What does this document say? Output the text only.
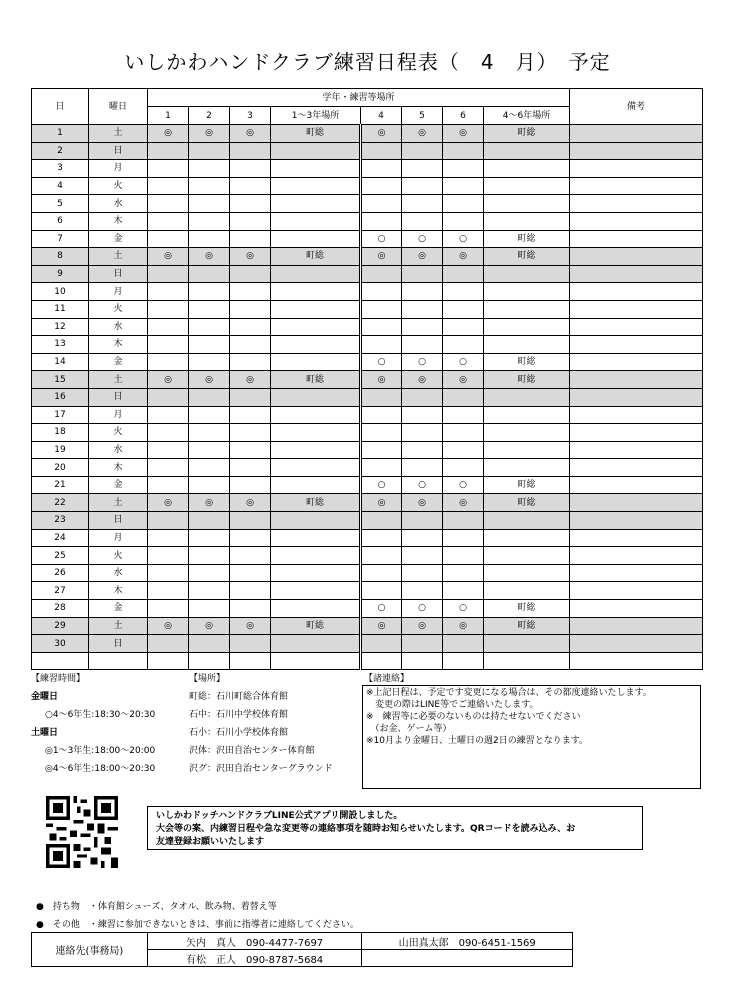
いしかわハンドクラブ練習日程表（　4　月）　予定
日	曜日	学年・練習等場所								備考
		1	2	3	1～3年場所	4	5	6	4～6年場所	
1	土	◎	◎	◎	町総	◎	◎	◎	町総	
2	日									
3	月									
4	火									
5	水									
6	木									
7	金					○	○	○	町総	
8	土	◎	◎	◎	町総	◎	◎	◎	町総	
9	日									
10	月									
11	火									
12	水									
13	木									
14	金					○	○	○	町総	
15	土	◎	◎	◎	町総	◎	◎	◎	町総	
16	日									
17	月									
18	火									
19	水									
20	木									
21	金					○	○	○	町総	
22	土	◎	◎	◎	町総	◎	◎	◎	町総	
23	日									
24	月									
25	火									
26	水									
27	木									
28	金					○	○	○	町総	
29	土	◎	◎	◎	町総	◎	◎	◎	町総	
30	日									

【練習時間】
金曜日
○4～6年生:18:30～20:30
土曜日
◎1～3年生:18:00～20:00
◎4～6年生:18:00～20:30
【場所】
町総：石川町総合体育館
石中：石川中学校体育館
石小：石川小学校体育館
沢体：沢田自治センター体育館
沢グ：沢田自治センターグラウンド
【諸連絡】
※上記日程は、予定です変更になる場合は、その都度連絡いたします。
　変更の際はLINE等でご連絡いたします。
※　練習等に必要のないものは持たせないでください
　（お金、ゲーム等）
※10月より金曜日、土曜日の週2日の練習となります。
いしかわドッチハンドクラブLINE公式アプリ開設しました。
大会等の案、内練習日程や急な変更等の連絡事項を随時お知らせいたします。QRコードを読み込み、お
友達登録お願いいたします
●　持ち物　・体育館シューズ、タオル、飲み物、着替え等
●　その他　・練習に参加できないときは、事前に指導者に連絡してください。
連絡先(事務局)	矢内　真人　090-4477-7697	山田真太郎　090-6451-1569
	有松　正人　090-8787-5684	
